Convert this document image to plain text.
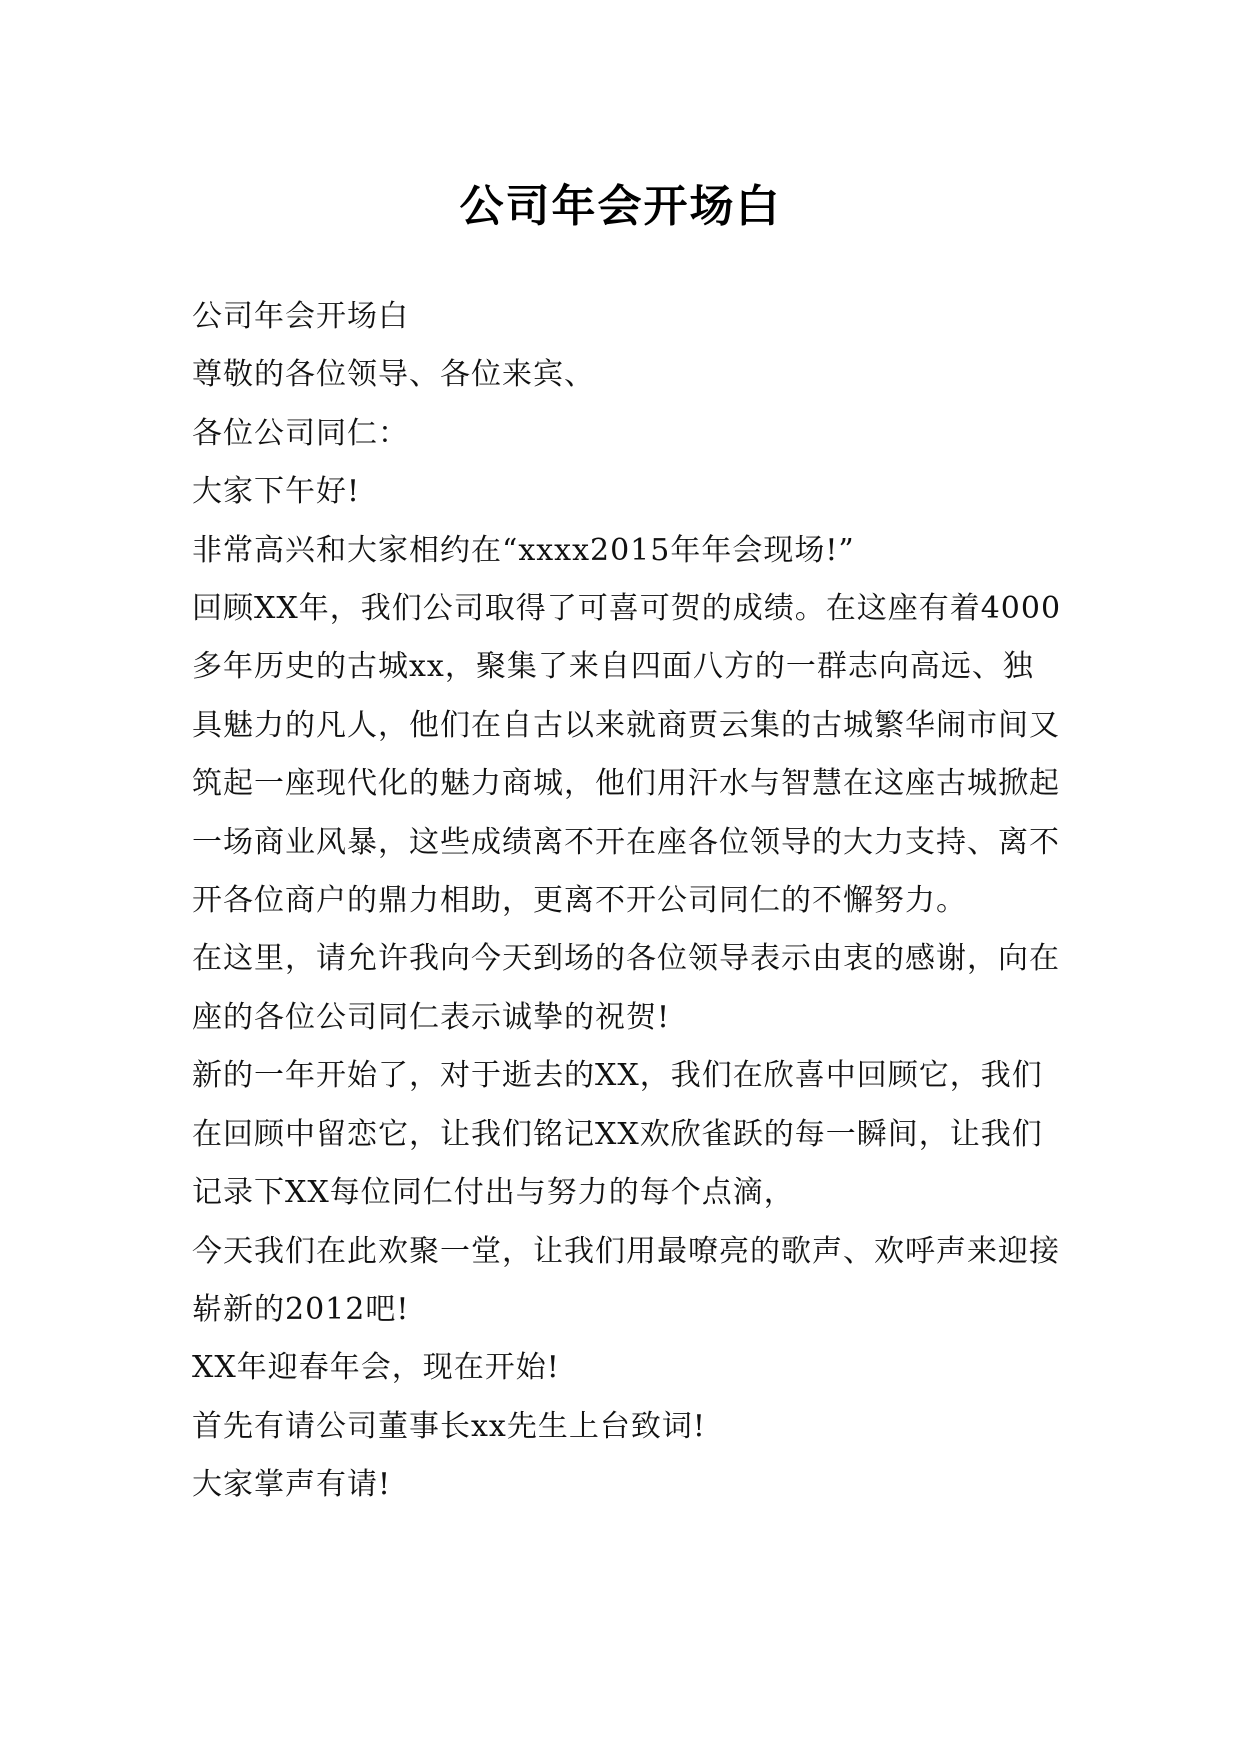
公司年会开场白

公司年会开场白

尊敬的各位领导、各位来宾、

各位公司同仁：

大家下午好!

非常高兴和大家相约在“xxxx2015年年会现场!”

回顾XX年，我们公司取得了可喜可贺的成绩。在这座有着4000多年历史的古城xx，聚集了来自四面八方的一群志向高远、独具魅力的凡人，他们在自古以来就商贾云集的古城繁华闹市间又筑起一座现代化的魅力商城，他们用汗水与智慧在这座古城掀起一场商业风暴，这些成绩离不开在座各位领导的大力支持、离不开各位商户的鼎力相助，更离不开公司同仁的不懈努力。

在这里，请允许我向今天到场的各位领导表示由衷的感谢，向在座的各位公司同仁表示诚挚的祝贺!

新的一年开始了，对于逝去的XX，我们在欣喜中回顾它，我们在回顾中留恋它，让我们铭记XX欢欣雀跃的每一瞬间，让我们记录下XX每位同仁付出与努力的每个点滴，

今天我们在此欢聚一堂，让我们用最嘹亮的歌声、欢呼声来迎接崭新的2012吧!

XX年迎春年会，现在开始!

首先有请公司董事长xx先生上台致词!

大家掌声有请!
